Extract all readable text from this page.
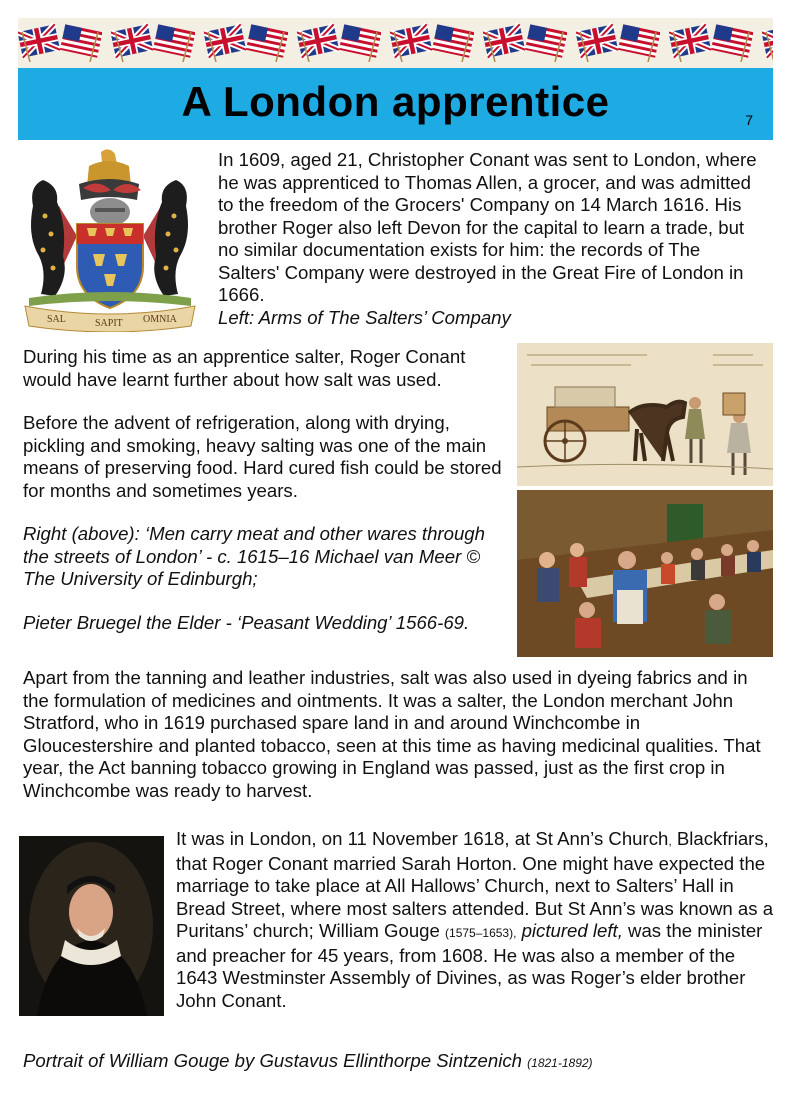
A London apprentice	7
SAL	SAPIT OMNIA

In 1609, aged 21, Christopher Conant was sent to London, where he was apprenticed to Thomas Allen, a grocer, and was admitted to the freedom of the Grocers' Company on 14 March 1616. His brother Roger also left Devon for the capital to learn a trade, but no similar documentation exists for him: the records of The Salters' Company were destroyed in the Great Fire of London in 1666.

Left: Arms of The Salters’ Company

During his time as an apprentice salter, Roger Conant would have learnt further about how salt was used.

Before the advent of refrigeration, along with drying, pickling and smoking, heavy salting was one of the main means of preserving food. Hard cured fish could be stored for months and sometimes years.

Right (above): ‘Men carry meat and other wares through the streets of London’ - c. 1615–16 Michael van Meer © The University of Edinburgh;

Pieter Bruegel the Elder - ‘Peasant Wedding’ 1566-69.

Apart from the tanning and leather industries, salt was also used in dyeing fabrics and in the formulation of medicines and ointments. It was a salter, the London merchant John Stratford, who in 1619 purchased spare land in and around Winchcombe in Gloucestershire and planted tobacco, seen at this time as having medicinal qualities. That year, the Act banning tobacco growing in England was passed, just as the first crop in Winchcombe was ready to harvest.

It was in London, on 11 November 1618, at St Ann’s Church, Blackfriars, that Roger Conant married Sarah Horton. One might have expected the marriage to take place at All Hallows’ Church, next to Salters’ Hall in Bread Street, where most salters attended. But St Ann’s was known as a Puritans’ church; William Gouge (1575–1653), pictured left, was the minister and preacher for 45 years, from 1608. He was also a member of the 1643 Westminster Assembly of Divines, as was Roger’s elder brother John Conant.

Portrait of William Gouge by Gustavus Ellinthorpe Sintzenich (1821-1892)
